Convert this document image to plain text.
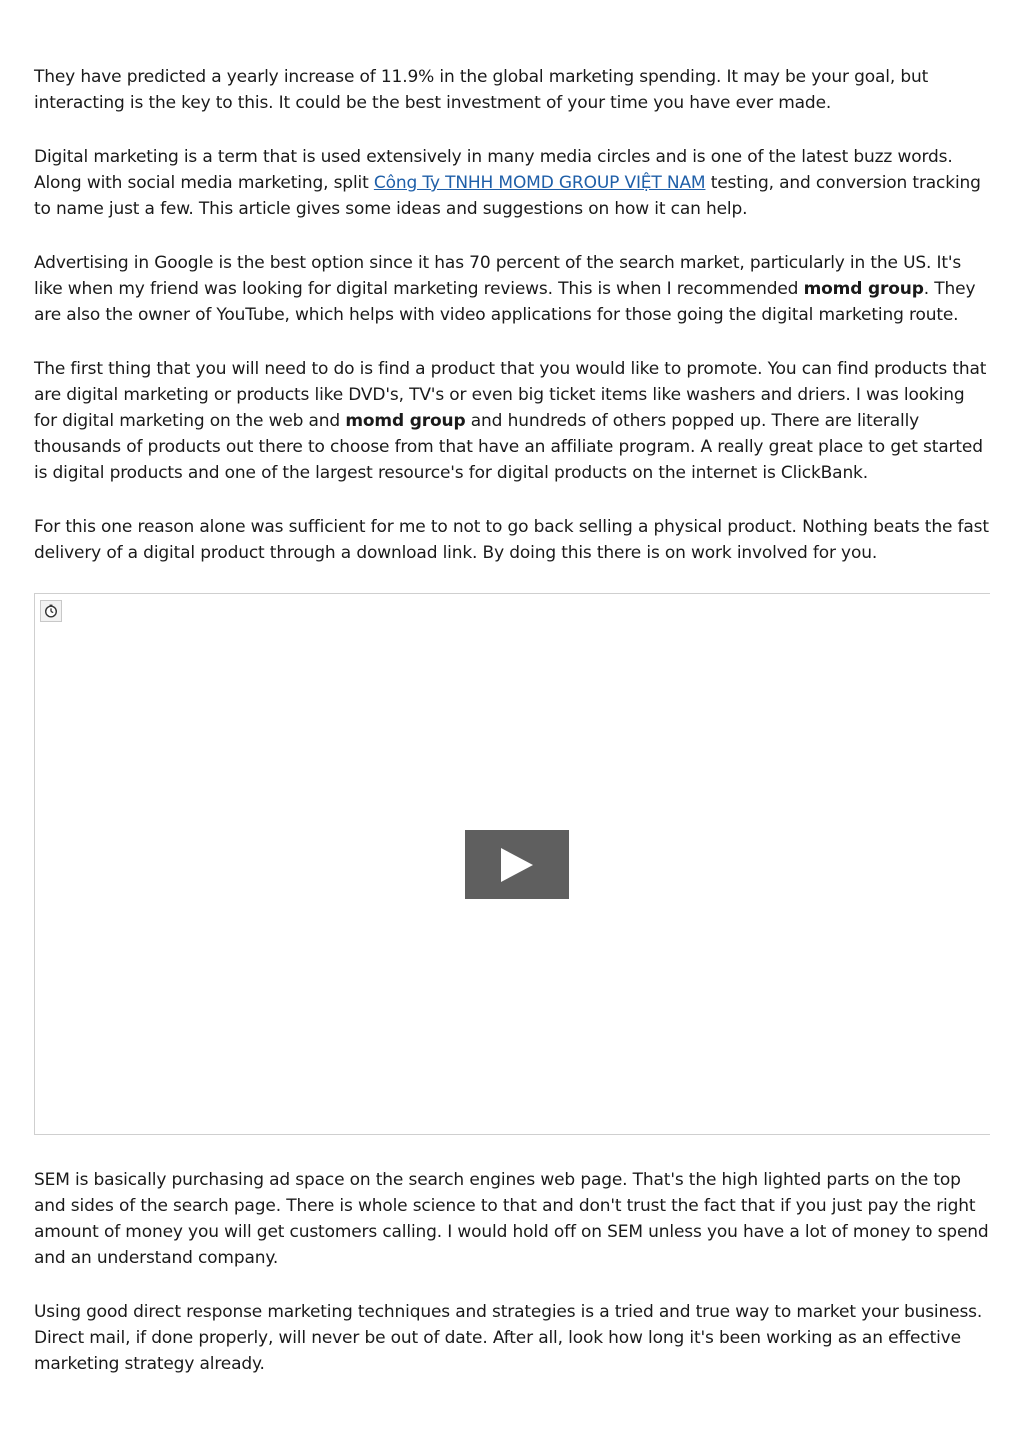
They have predicted a yearly increase of 11.9% in the global marketing spending. It may be your goal, but interacting is the key to this. It could be the best investment of your time you have ever made.

Digital marketing is a term that is used extensively in many media circles and is one of the latest buzz words. Along with social media marketing, split Công Ty TNHH MOMD GROUP VIỆT NAM testing, and conversion tracking to name just a few. This article gives some ideas and suggestions on how it can help.

Advertising in Google is the best option since it has 70 percent of the search market, particularly in the US. It's like when my friend was looking for digital marketing reviews. This is when I recommended momd group. They are also the owner of YouTube, which helps with video applications for those going the digital marketing route.

The first thing that you will need to do is find a product that you would like to promote. You can find products that are digital marketing or products like DVD's, TV's or even big ticket items like washers and driers. I was looking for digital marketing on the web and momd group and hundreds of others popped up. There are literally thousands of products out there to choose from that have an affiliate program. A really great place to get started is digital products and one of the largest resource's for digital products on the internet is ClickBank.

For this one reason alone was sufficient for me to not to go back selling a physical product. Nothing beats the fast delivery of a digital product through a download link. By doing this there is on work involved for you.

SEM is basically purchasing ad space on the search engines web page. That's the high lighted parts on the top and sides of the search page. There is whole science to that and don't trust the fact that if you just pay the right amount of money you will get customers calling. I would hold off on SEM unless you have a lot of money to spend and an understand company.

Using good direct response marketing techniques and strategies is a tried and true way to market your business. Direct mail, if done properly, will never be out of date. After all, look how long it's been working as an effective marketing strategy already.
